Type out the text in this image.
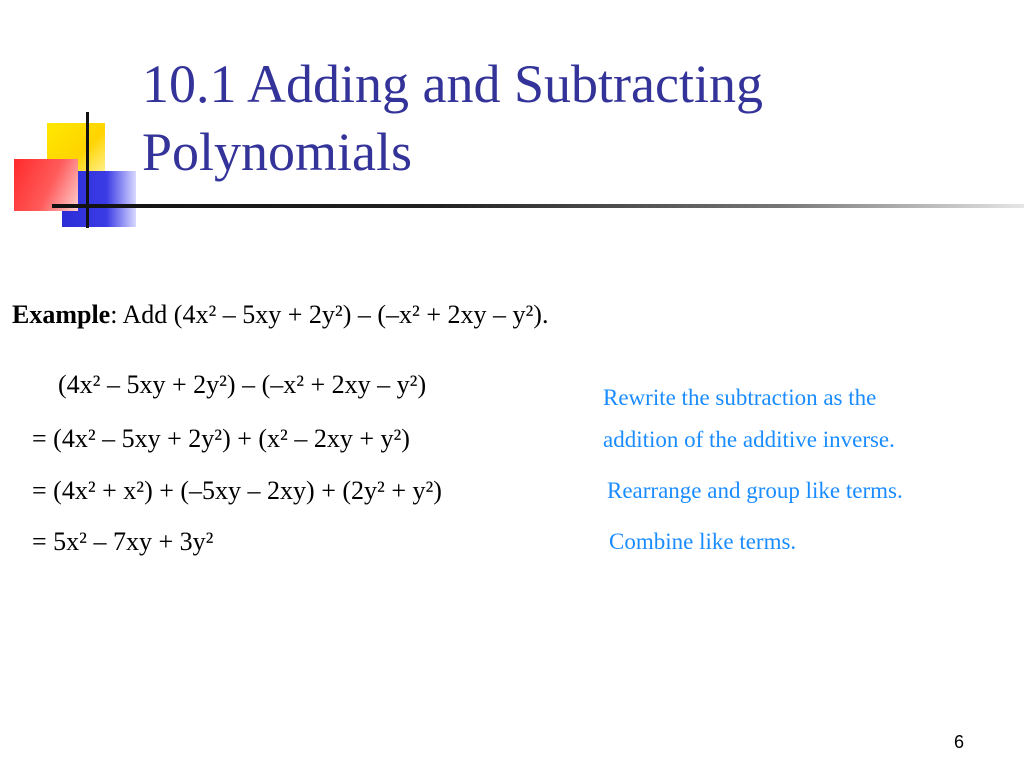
10.1 Adding and Subtracting
Polynomials
Example: Add (4x² – 5xy + 2y²) – (–x² + 2xy – y²).
(4x² – 5xy + 2y²) – (–x² + 2xy – y²)
= (4x² – 5xy + 2y²) + (x² – 2xy + y²)
= (4x² + x²) + (–5xy – 2xy) + (2y² + y²)
= 5x² – 7xy + 3y²
Rewrite the subtraction as the
addition of the additive inverse.
Rearrange and group like terms.
Combine like terms.
6
